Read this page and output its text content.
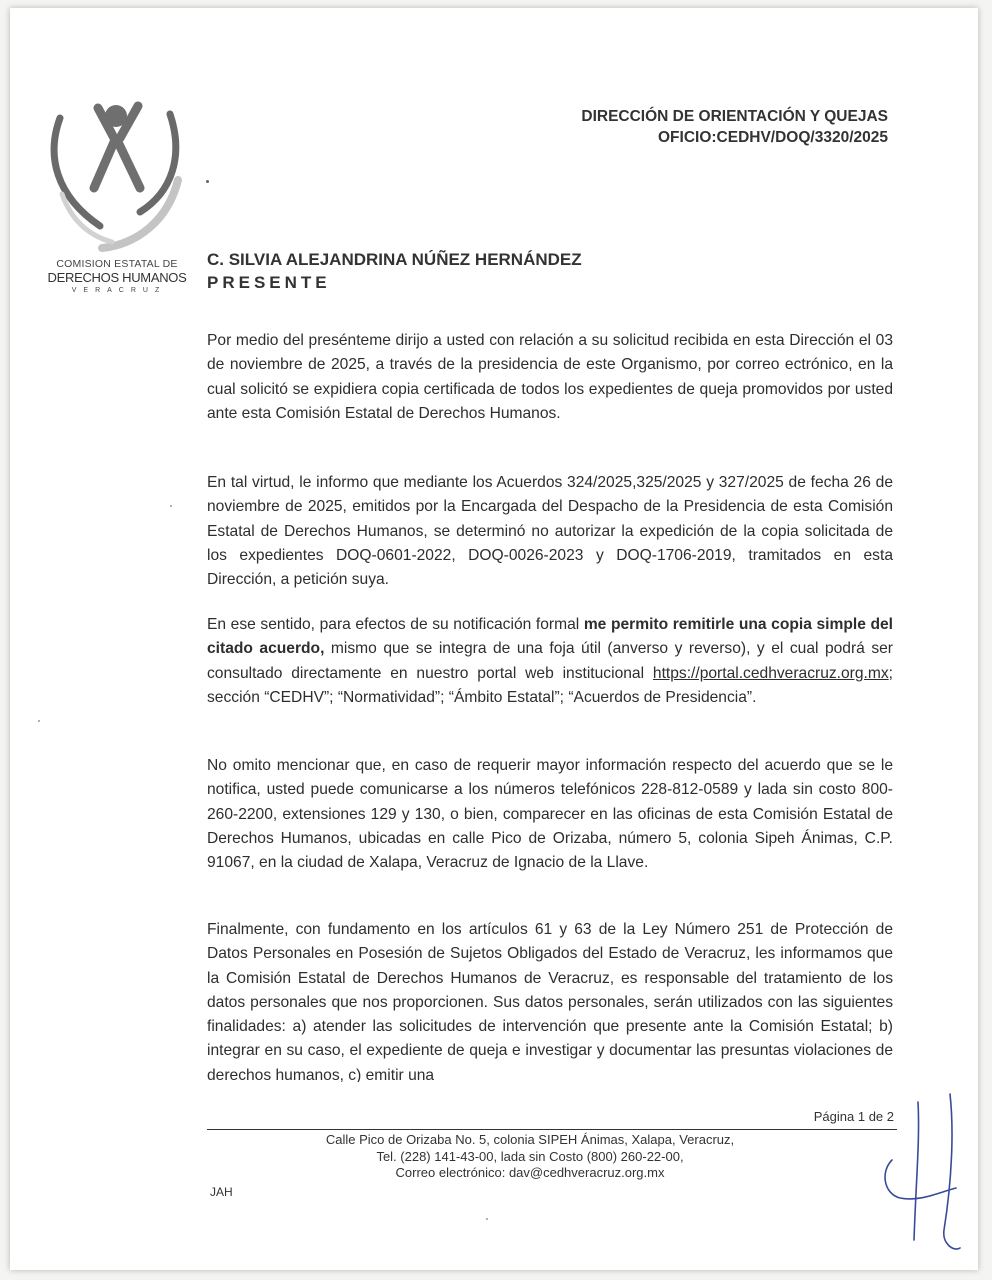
COMISION ESTATAL DE
DERECHOS HUMANOS
VERACRUZ
DIRECCIÓN DE ORIENTACIÓN Y QUEJAS
OFICIO:CEDHV/DOQ/3320/2025
C. SILVIA ALEJANDRINA NÚÑEZ HERNÁNDEZ
PRESENTE
Por medio del presénteme dirijo a usted con relación a su solicitud recibida en esta Dirección el 03 de noviembre de 2025, a través de la presidencia de este Organismo, por correo ectrónico, en la cual solicitó se expidiera copia certificada de todos los expedientes de queja promovidos por usted ante esta Comisión Estatal de Derechos Humanos.
En tal virtud, le informo que mediante los Acuerdos 324/2025,325/2025 y 327/2025 de fecha 26 de noviembre de 2025, emitidos por la Encargada del Despacho de la Presidencia de esta Comisión Estatal de Derechos Humanos, se determinó no autorizar la expedición de la copia solicitada de los expedientes DOQ-0601-2022, DOQ-0026-2023 y DOQ-1706-2019, tramitados en esta Dirección, a petición suya.
En ese sentido, para efectos de su notificación formal me permito remitirle una copia simple del citado acuerdo, mismo que se integra de una foja útil (anverso y reverso), y el cual podrá ser consultado directamente en nuestro portal web institucional https://portal.cedhveracruz.org.mx; sección “CEDHV”; “Normatividad”; “Ámbito Estatal”; “Acuerdos de Presidencia”.
No omito mencionar que, en caso de requerir mayor información respecto del acuerdo que se le notifica, usted puede comunicarse a los números telefónicos 228-812-0589 y lada sin costo 800-260-2200, extensiones 129 y 130, o bien, comparecer en las oficinas de esta Comisión Estatal de Derechos Humanos, ubicadas en calle Pico de Orizaba, número 5, colonia Sipeh Ánimas, C.P. 91067, en la ciudad de Xalapa, Veracruz de Ignacio de la Llave.
Finalmente, con fundamento en los artículos 61 y 63 de la Ley Número 251 de Protección de Datos Personales en Posesión de Sujetos Obligados del Estado de Veracruz, les informamos que la Comisión Estatal de Derechos Humanos de Veracruz, es responsable del tratamiento de los datos personales que nos proporcionen. Sus datos personales, serán utilizados con las siguientes finalidades: a) atender las solicitudes de intervención que presente ante la Comisión Estatal; b) integrar en su caso, el expediente de queja e investigar y documentar las presuntas violaciones de derechos humanos, c) emitir una
Página 1 de 2
Calle Pico de Orizaba No. 5, colonia SIPEH Ánimas, Xalapa, Veracruz,
Tel. (228) 141-43-00, lada sin Costo (800) 260-22-00,
Correo electrónico: dav@cedhveracruz.org.mx
JAH
